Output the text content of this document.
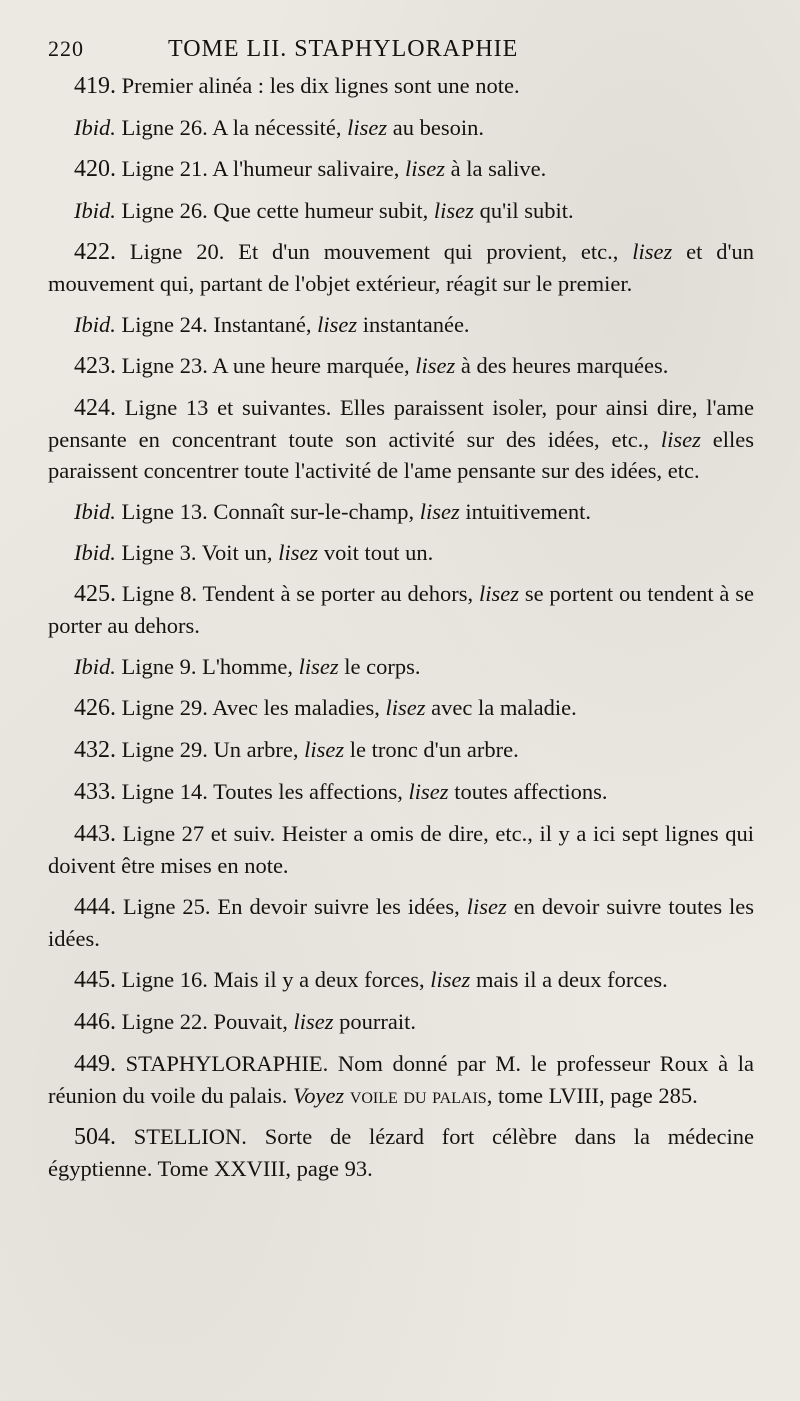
220	TOME LII. STAPHYLORAPHIE

419. Premier alinéa : les dix lignes sont une note.

Ibid. Ligne 26. A la nécessité, lisez au besoin.

420. Ligne 21. A l'humeur salivaire, lisez à la salive.

Ibid. Ligne 26. Que cette humeur subit, lisez qu'il subit.

422. Ligne 20. Et d'un mouvement qui provient, etc., lisez et d'un mouvement qui, partant de l'objet extérieur, réagit sur le premier.

Ibid. Ligne 24. Instantané, lisez instantanée.

423. Ligne 23. A une heure marquée, lisez à des heures marquées.

424. Ligne 13 et suivantes. Elles paraissent isoler, pour ainsi dire, l'ame pensante en concentrant toute son activité sur des idées, etc., lisez elles paraissent concentrer toute l'activité de l'ame pensante sur des idées, etc.

Ibid. Ligne 13. Connaît sur-le-champ, lisez intuitivement.

Ibid. Ligne 3. Voit un, lisez voit tout un.

425. Ligne 8. Tendent à se porter au dehors, lisez se portent ou tendent à se porter au dehors.

Ibid. Ligne 9. L'homme, lisez le corps.

426. Ligne 29. Avec les maladies, lisez avec la maladie.

432. Ligne 29. Un arbre, lisez le tronc d'un arbre.

433. Ligne 14. Toutes les affections, lisez toutes affections.

443. Ligne 27 et suiv. Heister a omis de dire, etc., il y a ici sept lignes qui doivent être mises en note.

444. Ligne 25. En devoir suivre les idées, lisez en devoir suivre toutes les idées.

445. Ligne 16. Mais il y a deux forces, lisez mais il a deux forces.

446. Ligne 22. Pouvait, lisez pourrait.

449. STAPHYLORAPHIE. Nom donné par M. le professeur Roux à la réunion du voile du palais. Voyez voile du palais, tome LVIII, page 285.

504. STELLION. Sorte de lézard fort célèbre dans la médecine égyptienne. Tome XXVIII, page 93.
